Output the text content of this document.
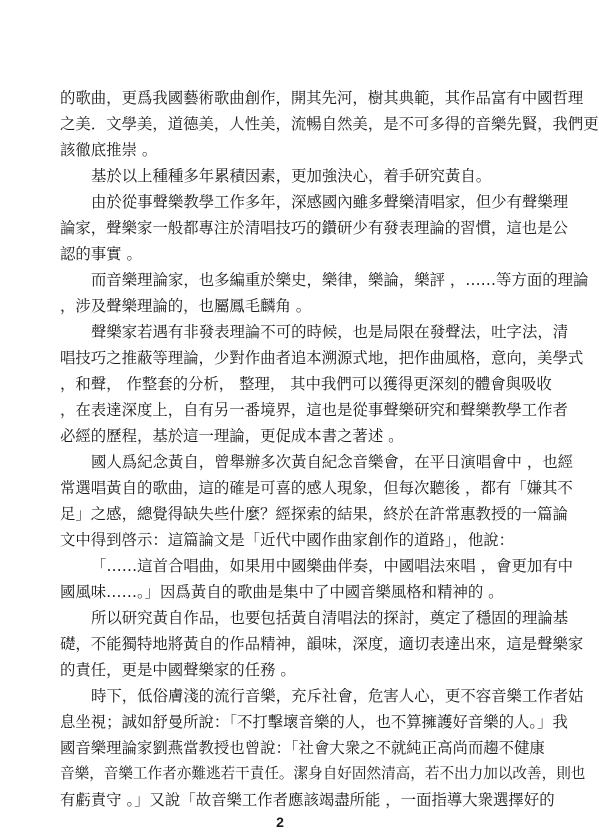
的歌曲，更爲我國藝術歌曲創作，開其先河，樹其典範，其作品富有中國哲理
之美．文學美，道德美，人性美，流暢自然美，是不可多得的音樂先賢，我們更
該徹底推崇 。
基於以上種種多年累積因素，更加強決心，着手研究黃自。
由於從事聲樂教學工作多年，深感國內雖多聲樂清唱家，但少有聲樂理
論家，聲樂家一般都專注於清唱技巧的鑽研少有發表理論的習慣，這也是公
認的事實 。
而音樂理論家，也多編重於樂史，樂律，樂論，樂評 ，……等方面的理論
，涉及聲樂理論的，也屬鳳毛麟角 。
聲樂家若遇有非發表理論不可的時候，也是局限在發聲法，吐字法，清
唱技巧之推蔽等理論，少對作曲者追本溯源式地，把作曲風格，意向，美學式
，和聲， 作整套的分析， 整理， 其中我們可以獲得更深刻的體會與吸收
，在表達深度上，自有另一番境界，這也是從事聲樂研究和聲樂教學工作者
必經的歷程，基於這一理論，更促成本書之著述 。
國人爲紀念黃自，曾舉辦多次黃自紀念音樂會，在平日演唱會中 ，也經
常選唱黃自的歌曲，這的確是可喜的感人現象，但每次聽後 ，都有「嫌其不
足」之感，總覺得缺失些什麼？經探索的結果，終於在許常惠教授的一篇論
文中得到啓示：這篇論文是「近代中國作曲家創作的道路」，他說：
「……這首合唱曲，如果用中國樂曲伴奏，中國唱法來唱 ，會更加有中
國風味……。」因爲黃自的歌曲是集中了中國音樂風格和精神的 。
所以研究黃自作品，也要包括黃自清唱法的探討，奠定了穩固的理論基
礎，不能獨特地將黃自的作品精神，韻味，深度，適切表達出來，這是聲樂家
的責任，更是中國聲樂家的任務 。
時下，低俗膚淺的流行音樂，充斥社會，危害人心，更不容音樂工作者姑
息坐視；誠如舒曼所說：「不打擊壞音樂的人，也不算擁護好音樂的人。」我
國音樂理論家劉燕當教授也曾說：「社會大衆之不就純正高尚而趨不健康
音樂，音樂工作者亦難逃若干責任。潔身自好固然清高，若不出力加以改善，則也
有虧責守 。」又說「故音樂工作者應該竭盡所能 ，一面指導大衆選擇好的
2
